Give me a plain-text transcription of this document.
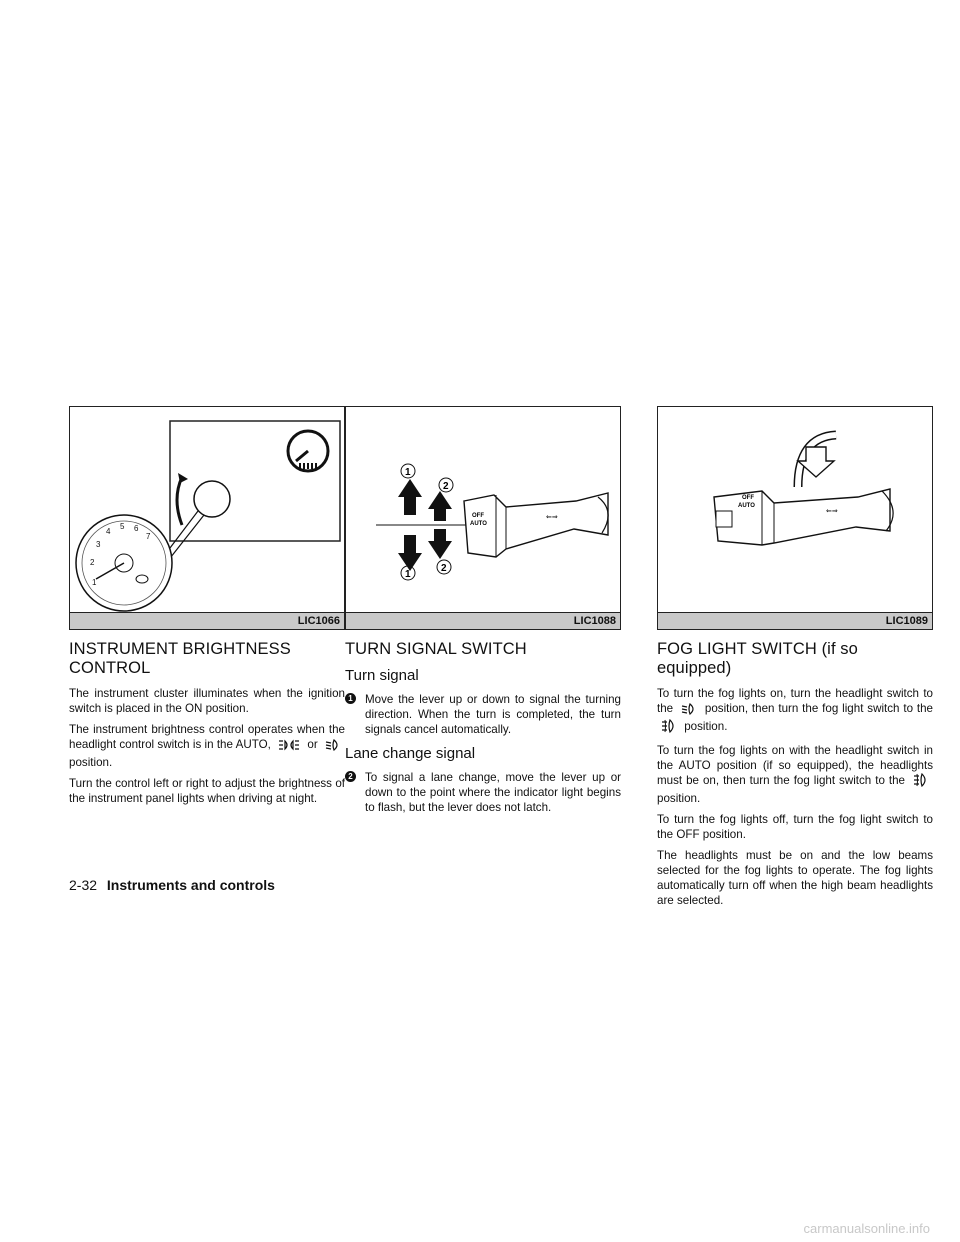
1
2
3
4
5 6
7
LIC1066
INSTRUMENT BRIGHTNESS CONTROL

The instrument cluster illuminates when the ignition switch is placed in the ON position.

The instrument brightness control operates when the headlight control switch is in the AUTO,	or  position.

Turn the control left or right to adjust the brightness of the instrument panel lights when driving at night.

1
2
1
2
OFF
AUTO
⇐⇒
LIC1088
TURN SIGNAL SWITCH
Turn signal
1 Move the lever up or down to signal the turning direction. When the turn is completed, the turn signals cancel automatically.
Lane change signal
2 To signal a lane change, move the lever up or down to the point where the indicator light begins to flash, but the lever does not latch.
OFF
AUTO
⇐⇒
LIC1089
FOG LIGHT SWITCH (if so equipped)

To turn the fog lights on, turn the headlight switch to the	position, then turn the fog light switch to the  position.

To turn the fog lights on with the headlight switch in the AUTO position (if so equipped), the headlights must be on, then turn the fog light switch to the  position.

To turn the fog lights off, turn the fog light switch to the OFF position.

The headlights must be on and the low beams selected for the fog lights to operate. The fog lights automatically turn off when the high beam headlights are selected.

2-32 Instruments and controls
carmanualsonline.info
